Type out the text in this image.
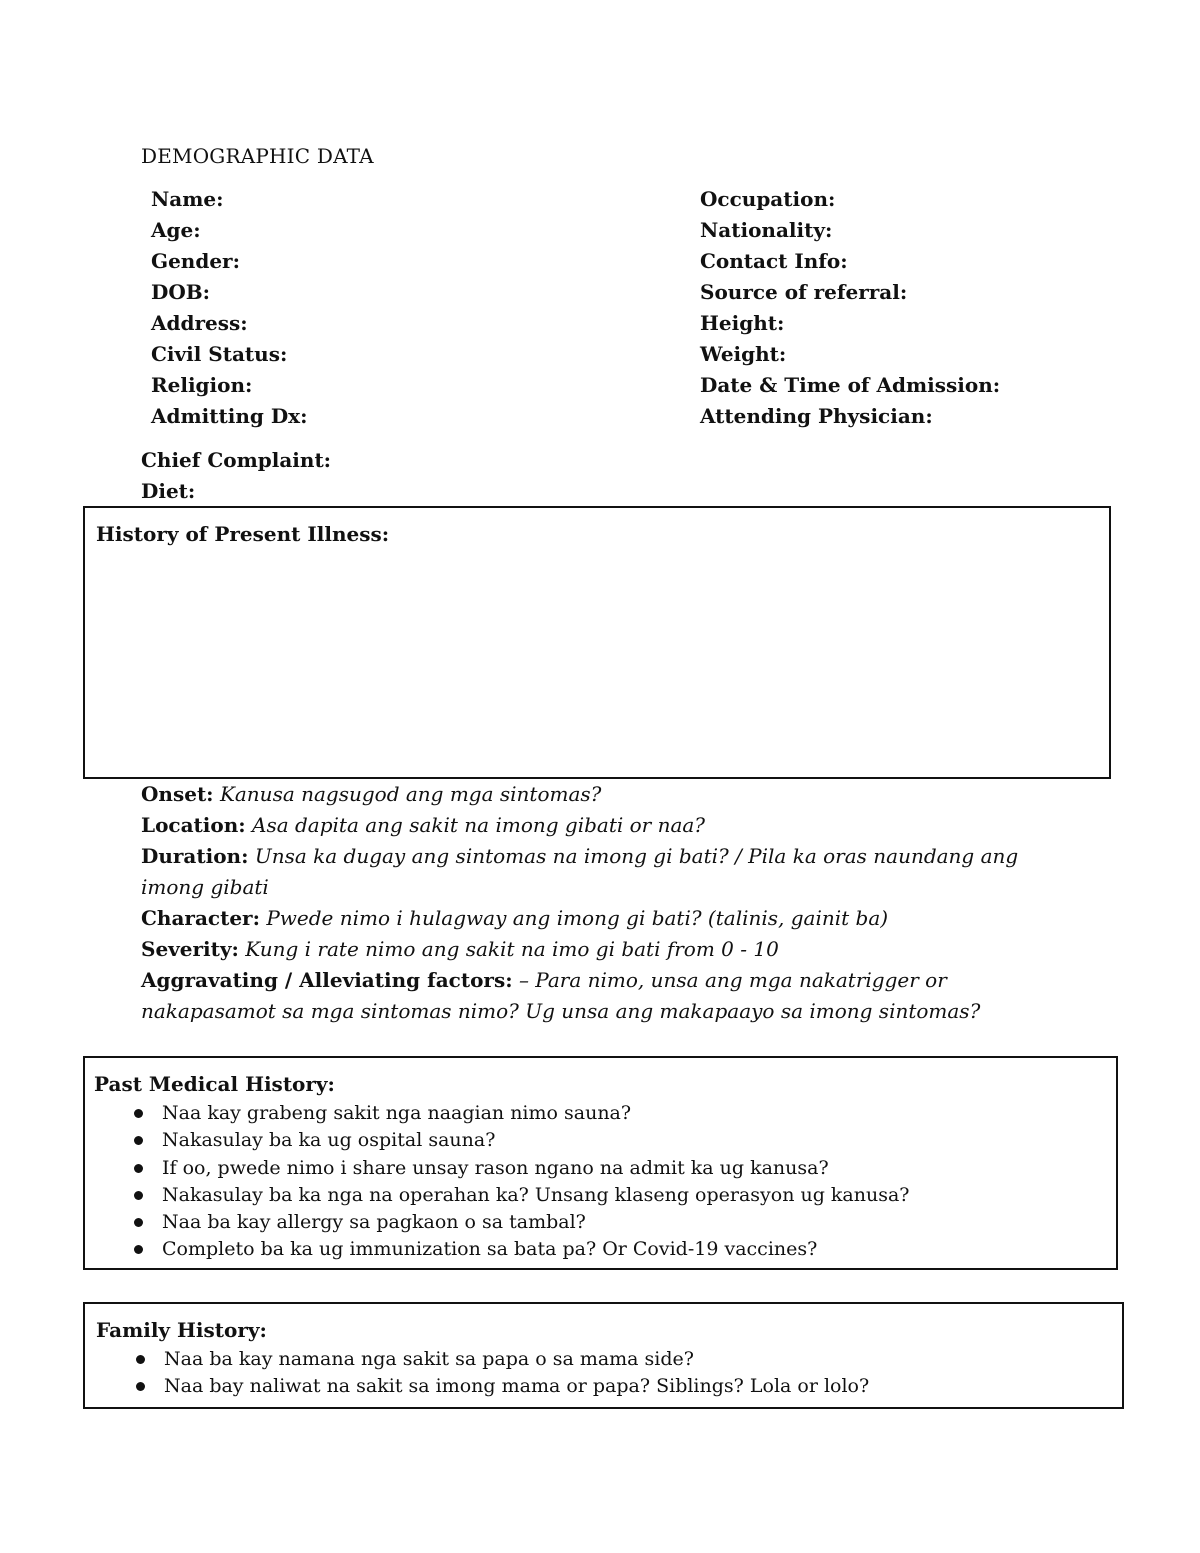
DEMOGRAPHIC DATA
Name:
Age:
Gender:
DOB:
Address:
Civil Status:
Religion:
Admitting Dx:
Occupation:
Nationality:
Contact Info:
Source of referral:
Height:
Weight:
Date & Time of Admission:
Attending Physician:
Chief Complaint:
Diet:
History of Present Illness:
Onset: Kanusa nagsugod ang mga sintomas?
Location: Asa dapita ang sakit na imong gibati or naa?
Duration: Unsa ka dugay ang sintomas na imong gi bati? / Pila ka oras naundang ang imong gibati
Character: Pwede nimo i hulagway ang imong gi bati? (talinis, gainit ba)
Severity: Kung i rate nimo ang sakit na imo gi bati from 0 - 10
Aggravating / Alleviating factors: – Para nimo, unsa ang mga nakatrigger or nakapasamot sa mga sintomas nimo? Ug unsa ang makapaayo sa imong sintomas?
Past Medical History:
Naa kay grabeng sakit nga naagian nimo sauna?
Nakasulay ba ka ug ospital sauna?
If oo, pwede nimo i share unsay rason ngano na admit ka ug kanusa?
Nakasulay ba ka nga na operahan ka? Unsang klaseng operasyon ug kanusa?
Naa ba kay allergy sa pagkaon o sa tambal?
Completo ba ka ug immunization sa bata pa? Or Covid-19 vaccines?
Family History:
Naa ba kay namana nga sakit sa papa o sa mama side?
Naa bay naliwat na sakit sa imong mama or papa? Siblings? Lola or lolo?
